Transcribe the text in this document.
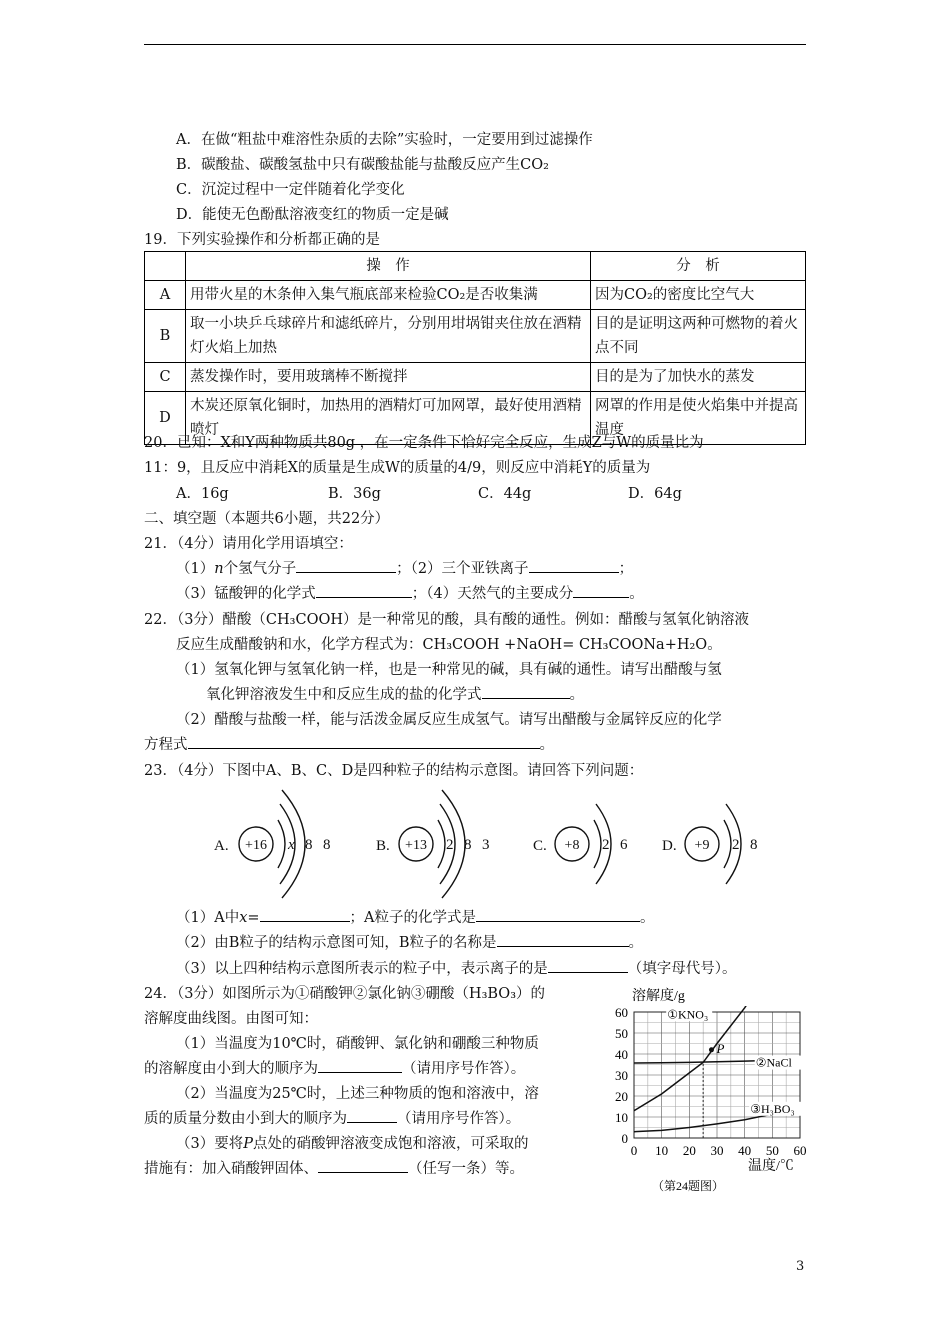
A．在做“粗盐中难溶性杂质的去除”实验时，一定要用到过滤操作
B．碳酸盐、碳酸氢盐中只有碳酸盐能与盐酸反应产生CO₂
C．沉淀过程中一定伴随着化学变化
D．能使无色酚酞溶液变红的物质一定是碱
19．下列实验操作和分析都正确的是
	操　作	分　析
A	用带火星的木条伸入集气瓶底部来检验CO₂是否收集满	因为CO₂的密度比空气大
B	取一小块乒乓球碎片和滤纸碎片，分别用坩埚钳夹住放在酒精灯火焰上加热	目的是证明这两种可燃物的着火点不同
C	蒸发操作时，要用玻璃棒不断搅拌	目的是为了加快水的蒸发
D	木炭还原氧化铜时，加热用的酒精灯可加网罩，最好使用酒精喷灯	网罩的作用是使火焰集中并提高温度
20．已知：X和Y两种物质共80g ，在一定条件下恰好完全反应，生成Z与W的质量比为
11：9，且反应中消耗X的质量是生成W的质量的4/9，则反应中消耗Y的质量为
A．16g	B．36g	C．44g	D．64g
二、填空题（本题共6小题，共22分）
21．（4分）请用化学用语填空：
（1）n个氢气分子	；（2）三个亚铁离子	；
（3）锰酸钾的化学式	；（4）天然气的主要成分	。
22．（3分）醋酸（CH₃COOH）是一种常见的酸，具有酸的通性。例如：醋酸与氢氧化钠溶液
反应生成醋酸钠和水，化学方程式为：CH₃COOH +NaOH= CH₃COONa+H₂O。
（1）氢氧化钾与氢氧化钠一样，也是一种常见的碱，具有碱的通性。请写出醋酸与氢
氧化钾溶液发生中和反应生成的盐的化学式	。
（2）醋酸与盐酸一样，能与活泼金属反应生成氢气。请写出醋酸与金属锌反应的化学
方程式	。
23．（4分）下图中A、B、C、D是四种粒子的结构示意图。请回答下列问题：
A. +16 x 8 8	B. +13 2 8 3	C. +8 2 6 D. +9 2 8
（1）A中x=	；A粒子的化学式是	。
（2）由B粒子的结构示意图可知，B粒子的名称是	。
（3）以上四种结构示意图所表示的粒子中，表示离子的是	（填字母代号）。
24．（3分）如图所示为①硝酸钾②氯化钠③硼酸（H₃BO₃）的
溶解度曲线图。由图可知：
（1）当温度为10℃时，硝酸钾、氯化钠和硼酸三种物质
的溶解度由小到大的顺序为	（请用序号作答）。
（2）当温度为25℃时，上述三种物质的饱和溶液中，溶
质的质量分数由小到大的顺序为	（请用序号作答）。
（3）要将P点处的硝酸钾溶液变成饱和溶液，可采取的
措施有：加入硝酸钾固体、	（任写一条）等。
溶解度/g
0
10
20
30
40
50
60
0 10 20 30 40 50 60
①KNO₃
②NaCl
③H₃BO₃
P
温度/℃
（第24题图）
3
